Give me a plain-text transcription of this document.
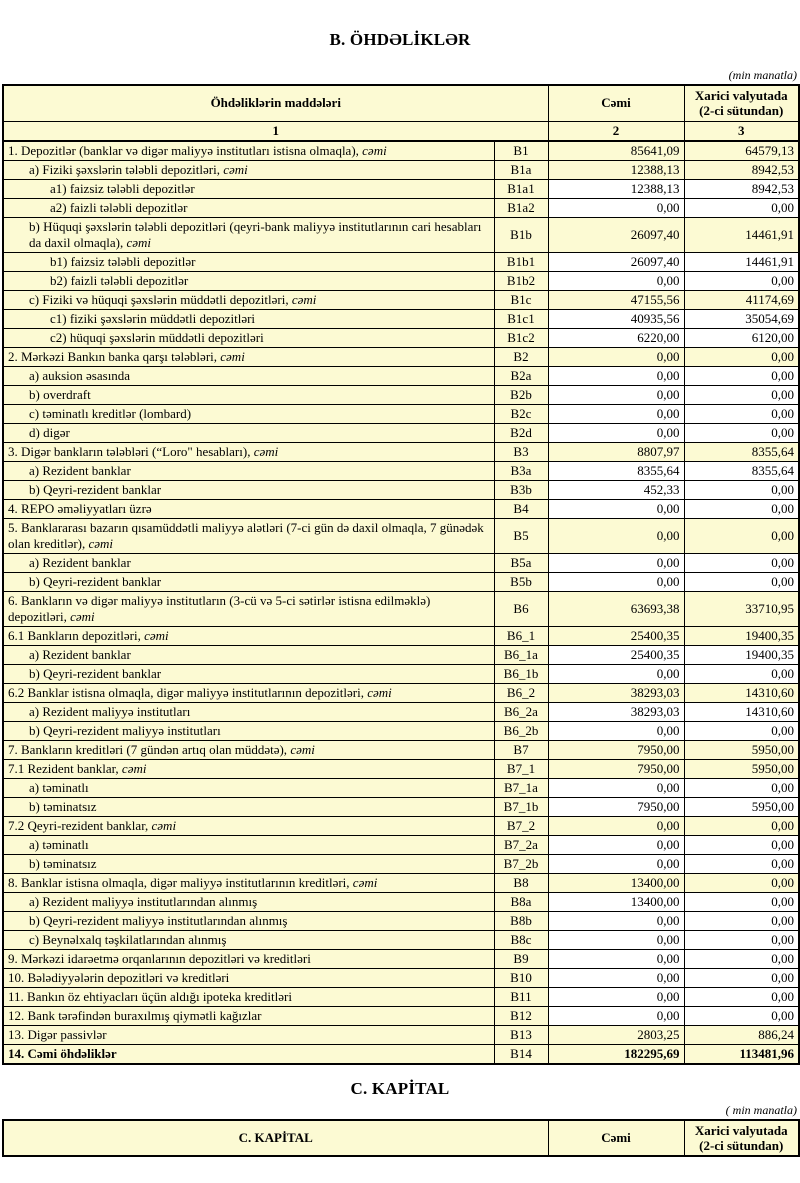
B. ÖHDƏLİKLƏR
(min manatla)
Öhdəliklərin maddələri		Cəmi	Xarici valyutada
(2-ci sütundan)

1		2	3
1. Depozitlər (banklar və digər maliyyə institutları istisna olmaqla), cəmi	B1	85641,09	64579,13
a) Fiziki şəxslərin tələbli depozitləri, cəmi	B1a	12388,13	8942,53
a1) faizsiz tələbli depozitlər	B1a1	12388,13	8942,53
a2) faizli tələbli depozitlər	B1a2	0,00	0,00
b) Hüquqi şəxslərin tələbli depozitləri (qeyri-bank maliyyə institutlarının cari hesabları da daxil olmaqla), cəmi	B1b	26097,40	14461,91
b1) faizsiz tələbli depozitlər	B1b1	26097,40	14461,91
b2) faizli tələbli depozitlər	B1b2	0,00	0,00
c) Fiziki və hüquqi şəxslərin müddətli depozitləri, cəmi	B1c	47155,56	41174,69
c1) fiziki şəxslərin müddətli depozitləri	B1c1	40935,56	35054,69
c2) hüquqi şəxslərin müddətli depozitləri	B1c2	6220,00	6120,00
2. Mərkəzi Bankın banka qarşı tələbləri, cəmi	B2	0,00	0,00
a) auksion əsasında	B2a	0,00	0,00
b) overdraft	B2b	0,00	0,00
c) təminatlı kreditlər (lombard)	B2c	0,00	0,00
d) digər	B2d	0,00	0,00
3. Digər bankların tələbləri (“Loro" hesabları), cəmi	B3	8807,97	8355,64
a) Rezident banklar	B3a	8355,64	8355,64
b) Qeyri-rezident banklar	B3b	452,33	0,00
4. REPO əməliyyatları üzrə	B4	0,00	0,00
5. Banklararası bazarın qısamüddətli maliyyə alətləri (7-ci gün də daxil olmaqla, 7 günədək olan kreditlər), cəmi	B5	0,00	0,00
a) Rezident banklar	B5a	0,00	0,00
b) Qeyri-rezident banklar	B5b	0,00	0,00
6. Bankların və digər maliyyə institutların (3-cü və 5-ci sətirlər istisna edilməklə) depozitləri, cəmi	B6	63693,38	33710,95
6.1 Bankların depozitləri, cəmi	B6_1	25400,35	19400,35
a) Rezident banklar	B6_1a	25400,35	19400,35
b) Qeyri-rezident banklar	B6_1b	0,00	0,00
6.2 Banklar istisna olmaqla, digər maliyyə institutlarının depozitləri, cəmi	B6_2	38293,03	14310,60
a) Rezident maliyyə institutları	B6_2a	38293,03	14310,60
b) Qeyri-rezident maliyyə institutları	B6_2b	0,00	0,00
7. Bankların kreditləri (7 gündən artıq olan müddətə), cəmi	B7	7950,00	5950,00
7.1 Rezident banklar, cəmi	B7_1	7950,00	5950,00
a) təminatlı	B7_1a	0,00	0,00
b) təminatsız	B7_1b	7950,00	5950,00
7.2 Qeyri-rezident banklar, cəmi	B7_2	0,00	0,00
a) təminatlı	B7_2a	0,00	0,00
b) təminatsız	B7_2b	0,00	0,00
8. Banklar istisna olmaqla, digər maliyyə institutlarının kreditləri, cəmi	B8	13400,00	0,00
a) Rezident maliyyə institutlarından alınmış	B8a	13400,00	0,00
b) Qeyri-rezident maliyyə institutlarından alınmış	B8b	0,00	0,00
c) Beynəlxalq təşkilatlarından alınmış	B8c	0,00	0,00
9. Mərkəzi idarəetmə orqanlarının depozitləri və kreditləri	B9	0,00	0,00
10. Bələdiyyələrin depozitləri və kreditləri	B10	0,00	0,00
11. Bankın öz ehtiyacları üçün aldığı ipoteka kreditləri	B11	0,00	0,00
12. Bank tərəfindən buraxılmış qiymətli kağızlar	B12	0,00	0,00
13. Digər passivlər	B13	2803,25	886,24
14. Cəmi öhdəliklər	B14	182295,69	113481,96
C. KAPİTAL
( min manatla)
C. KAPİTAL	Cəmi	Xarici valyutada
(2-ci sütundan)
